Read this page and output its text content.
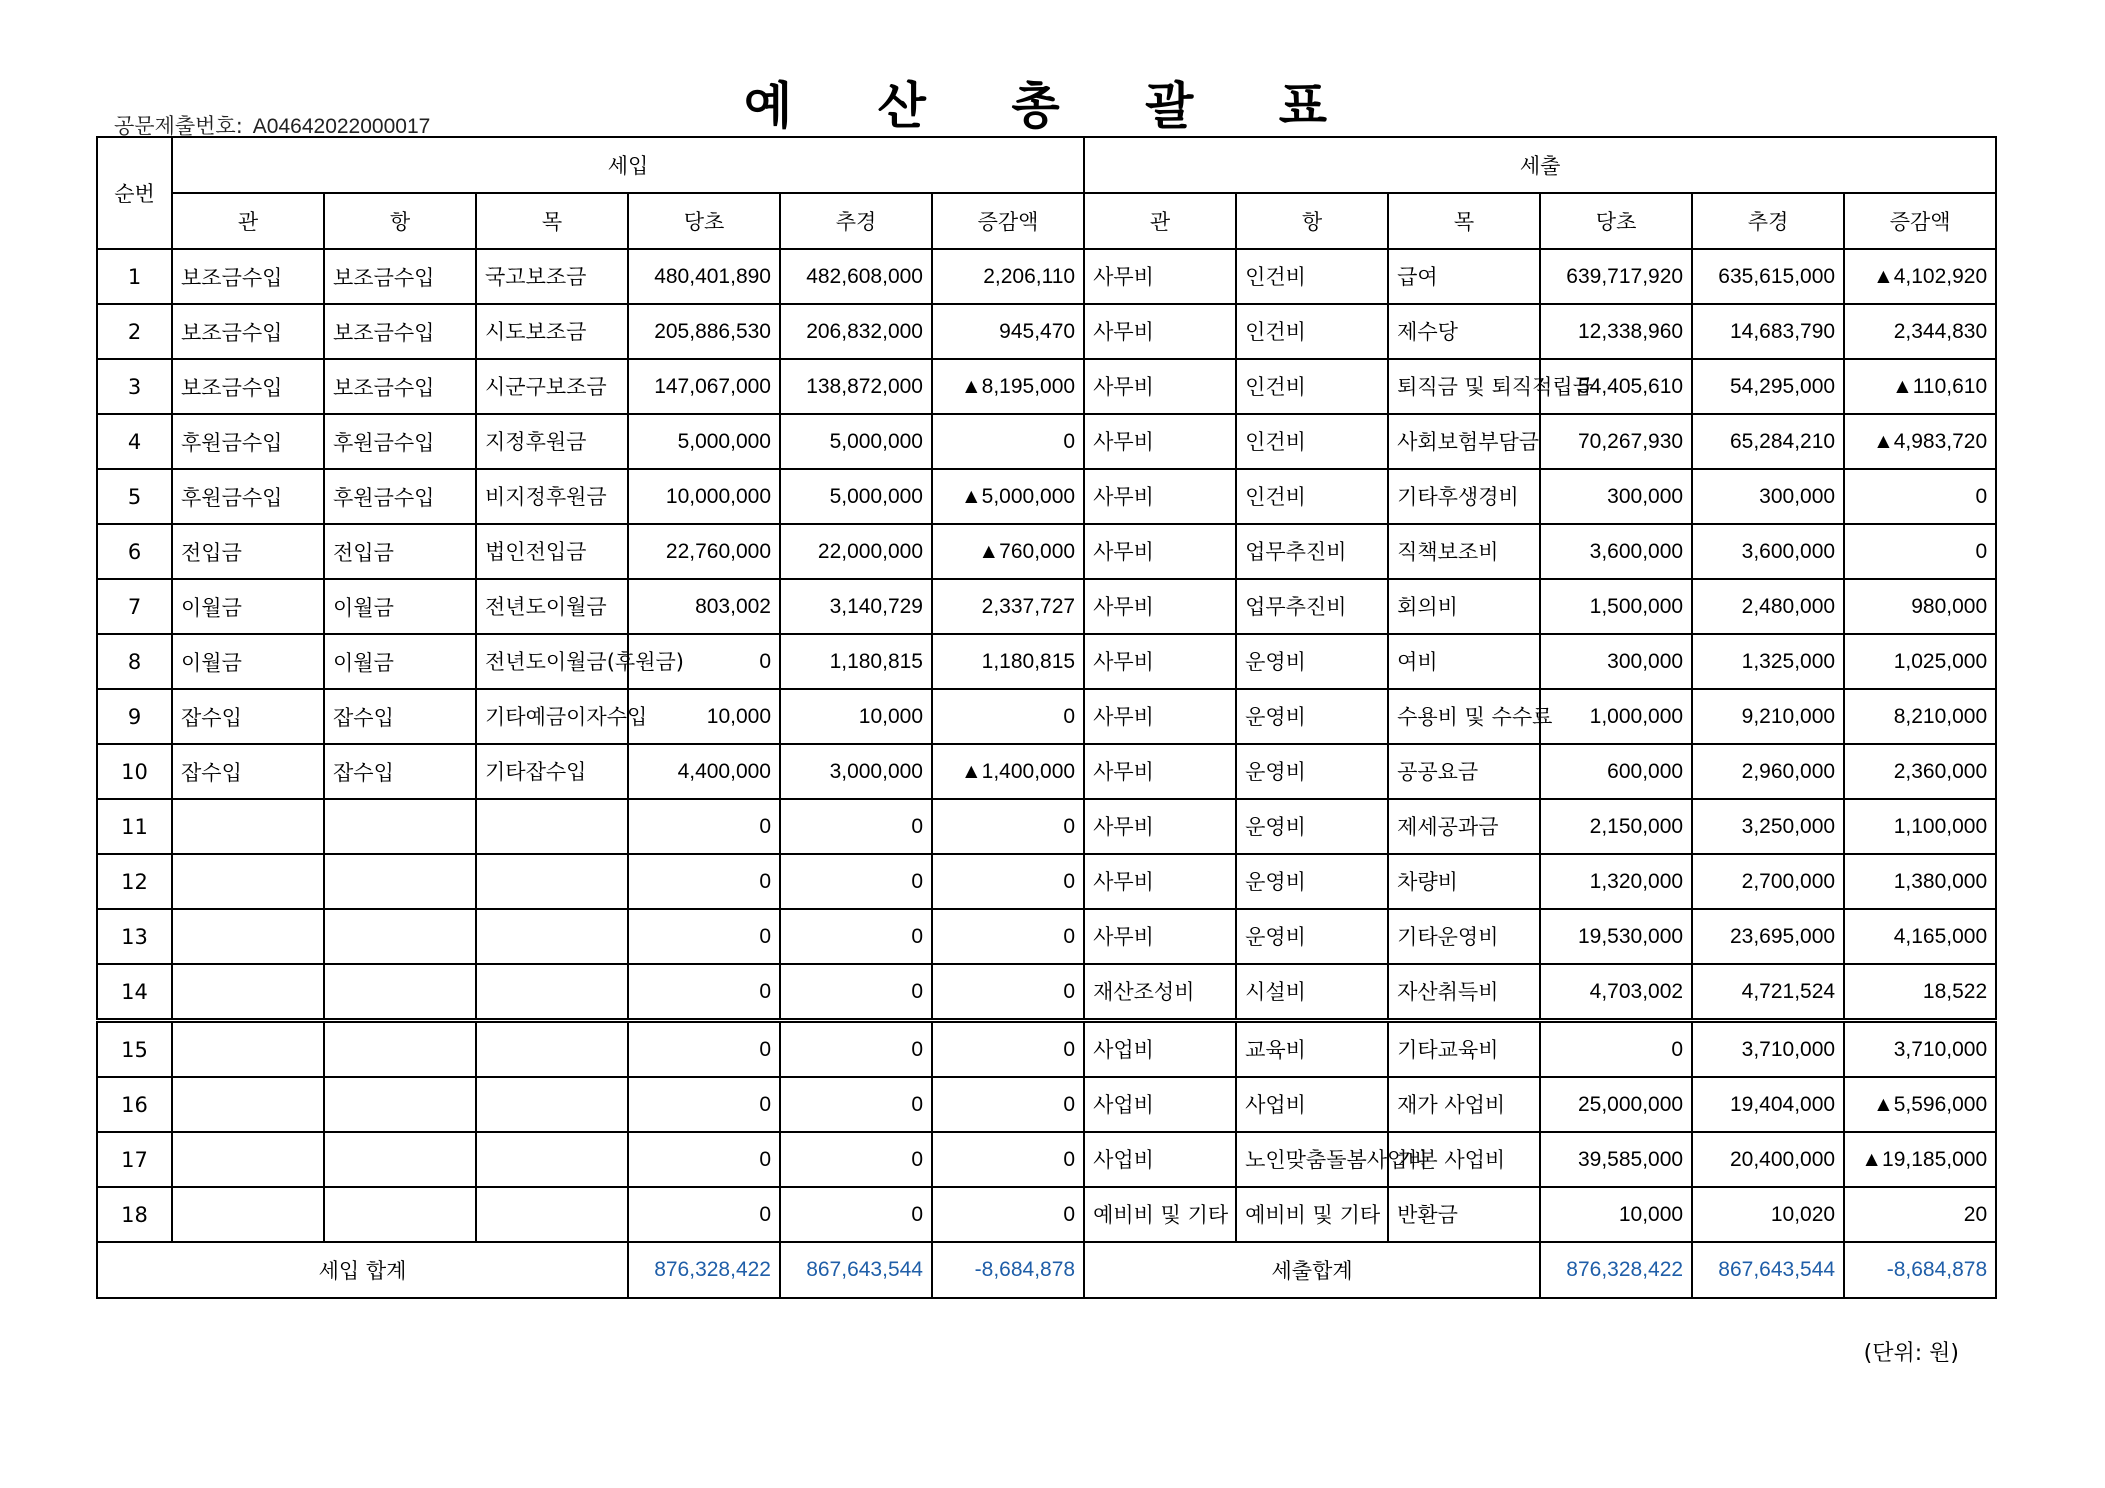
예 산 총 괄 표
공문제출번호: A04642022000017
순번	세입						세출					
	관	항	목	당초	추경	증감액	관	항	목	당초	추경	증감액
1	보조금수입	보조금수입	국고보조금	480,401,890	482,608,000	2,206,110	사무비	인건비	급여	639,717,920	635,615,000	▲4,102,920
2	보조금수입	보조금수입	시도보조금	205,886,530	206,832,000	945,470	사무비	인건비	제수당	12,338,960	14,683,790	2,344,830
3	보조금수입	보조금수입	시군구보조금	147,067,000	138,872,000	▲8,195,000	사무비	인건비	퇴직금 및 퇴직적립금	54,405,610	54,295,000	▲110,610
4	후원금수입	후원금수입	지정후원금	5,000,000	5,000,000	0	사무비	인건비	사회보험부담금	70,267,930	65,284,210	▲4,983,720
5	후원금수입	후원금수입	비지정후원금	10,000,000	5,000,000	▲5,000,000	사무비	인건비	기타후생경비	300,000	300,000	0
6	전입금	전입금	법인전입금	22,760,000	22,000,000	▲760,000	사무비	업무추진비	직책보조비	3,600,000	3,600,000	0
7	이월금	이월금	전년도이월금	803,002	3,140,729	2,337,727	사무비	업무추진비	회의비	1,500,000	2,480,000	980,000
8	이월금	이월금	전년도이월금(후원금)	0	1,180,815	1,180,815	사무비	운영비	여비	300,000	1,325,000	1,025,000
9	잡수입	잡수입	기타예금이자수입	10,000	10,000	0	사무비	운영비	수용비 및 수수료	1,000,000	9,210,000	8,210,000
10	잡수입	잡수입	기타잡수입	4,400,000	3,000,000	▲1,400,000	사무비	운영비	공공요금	600,000	2,960,000	2,360,000
11				0	0	0	사무비	운영비	제세공과금	2,150,000	3,250,000	1,100,000
12				0	0	0	사무비	운영비	차량비	1,320,000	2,700,000	1,380,000
13				0	0	0	사무비	운영비	기타운영비	19,530,000	23,695,000	4,165,000
14				0	0	0	재산조성비	시설비	자산취득비	4,703,002	4,721,524	18,522
15				0	0	0	사업비	교육비	기타교육비	0	3,710,000	3,710,000
16				0	0	0	사업비	사업비	재가 사업비	25,000,000	19,404,000	▲5,596,000
17				0	0	0	사업비	노인맞춤돌봄사업비	기본 사업비	39,585,000	20,400,000	▲19,185,000
18				0	0	0	예비비 및 기타	예비비 및 기타	반환금	10,000	10,020	20
세입 합계				876,328,422	867,643,544	-8,684,878	세출합계			876,328,422	867,643,544	-8,684,878
(단위: 원)
